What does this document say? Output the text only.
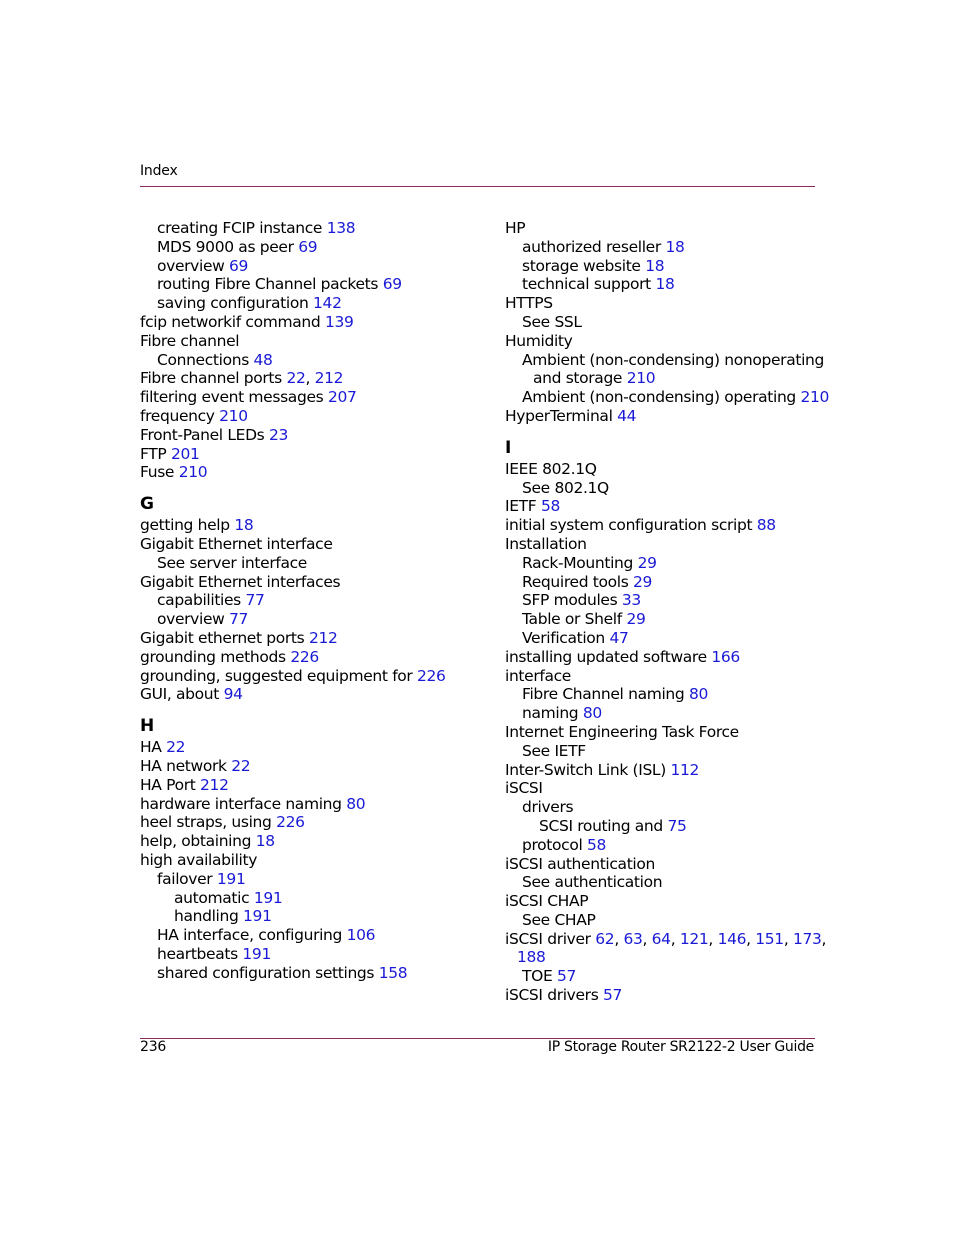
Index
creating FCIP instance 138
MDS 9000 as peer 69
overview 69
routing Fibre Channel packets 69
saving configuration 142
fcip networkif command 139
Fibre channel
Connections 48
Fibre channel ports 22, 212
filtering event messages 207
frequency 210
Front-Panel LEDs 23
FTP 201
Fuse 210
G
getting help 18
Gigabit Ethernet interface
See server interface
Gigabit Ethernet interfaces
capabilities 77
overview 77
Gigabit ethernet ports 212
grounding methods 226
grounding, suggested equipment for 226
GUI, about 94
H
HA 22
HA network 22
HA Port 212
hardware interface naming 80
heel straps, using 226
help, obtaining 18
high availability
failover 191
automatic 191
handling 191
HA interface, configuring 106
heartbeats 191
shared configuration settings 158
HP
authorized reseller 18
storage website 18
technical support 18
HTTPS
See SSL
Humidity
Ambient (non-condensing) nonoperating
and storage 210
Ambient (non-condensing) operating 210
HyperTerminal 44
I
IEEE 802.1Q
See 802.1Q
IETF 58
initial system configuration script 88
Installation
Rack-Mounting 29
Required tools 29
SFP modules 33
Table or Shelf 29
Verification 47
installing updated software 166
interface
Fibre Channel naming 80
naming 80
Internet Engineering Task Force
See IETF
Inter-Switch Link (ISL) 112
iSCSI
drivers
SCSI routing and 75
protocol 58
iSCSI authentication
See authentication
iSCSI CHAP
See CHAP
iSCSI driver 62, 63, 64, 121, 146, 151, 173,
188
TOE 57
iSCSI drivers 57
236	IP Storage Router SR2122-2 User Guide
